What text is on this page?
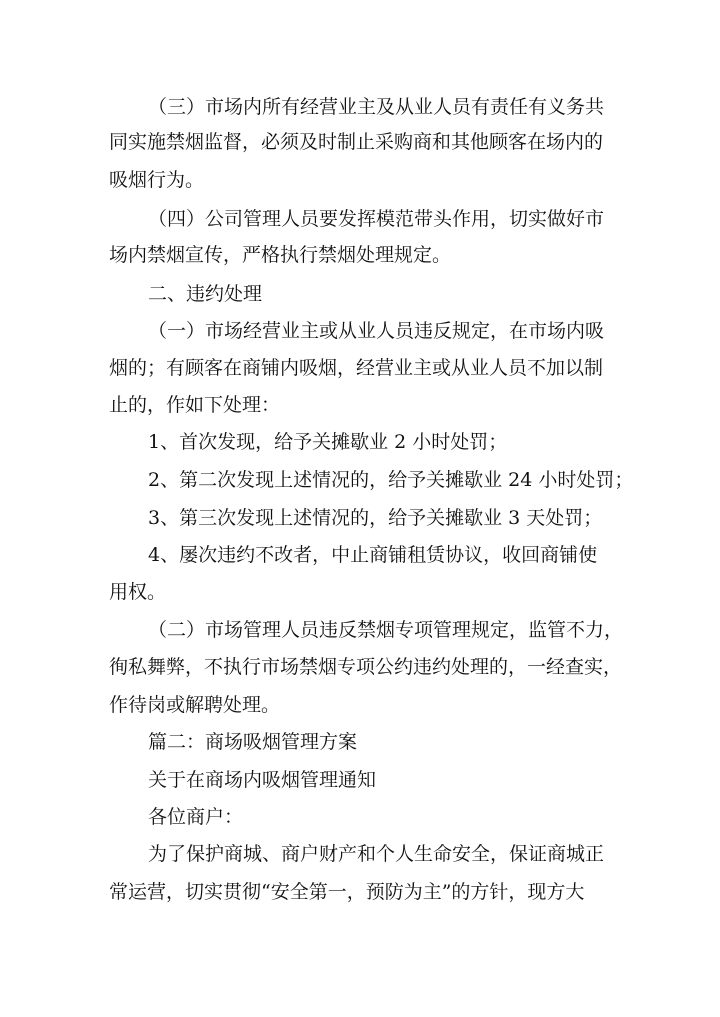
（三）市场内所有经营业主及从业人员有责任有义务共
同实施禁烟监督，必须及时制止采购商和其他顾客在场内的
吸烟行为。
（四）公司管理人员要发挥模范带头作用，切实做好市
场内禁烟宣传，严格执行禁烟处理规定。
二、违约处理
（一）市场经营业主或从业人员违反规定，在市场内吸
烟的；有顾客在商铺内吸烟，经营业主或从业人员不加以制
止的，作如下处理：
1、首次发现，给予关摊歇业 2 小时处罚；
2、第二次发现上述情况的，给予关摊歇业 24 小时处罚；
3、第三次发现上述情况的，给予关摊歇业 3 天处罚；
4、屡次违约不改者，中止商铺租赁协议，收回商铺使
用权。
（二）市场管理人员违反禁烟专项管理规定，监管不力，
徇私舞弊，不执行市场禁烟专项公约违约处理的，一经查实，
作待岗或解聘处理。
篇二：商场吸烟管理方案
关于在商场内吸烟管理通知
各位商户：
为了保护商城、商户财产和个人生命安全，保证商城正
常运营，切实贯彻“安全第一，预防为主”的方针，现方大
